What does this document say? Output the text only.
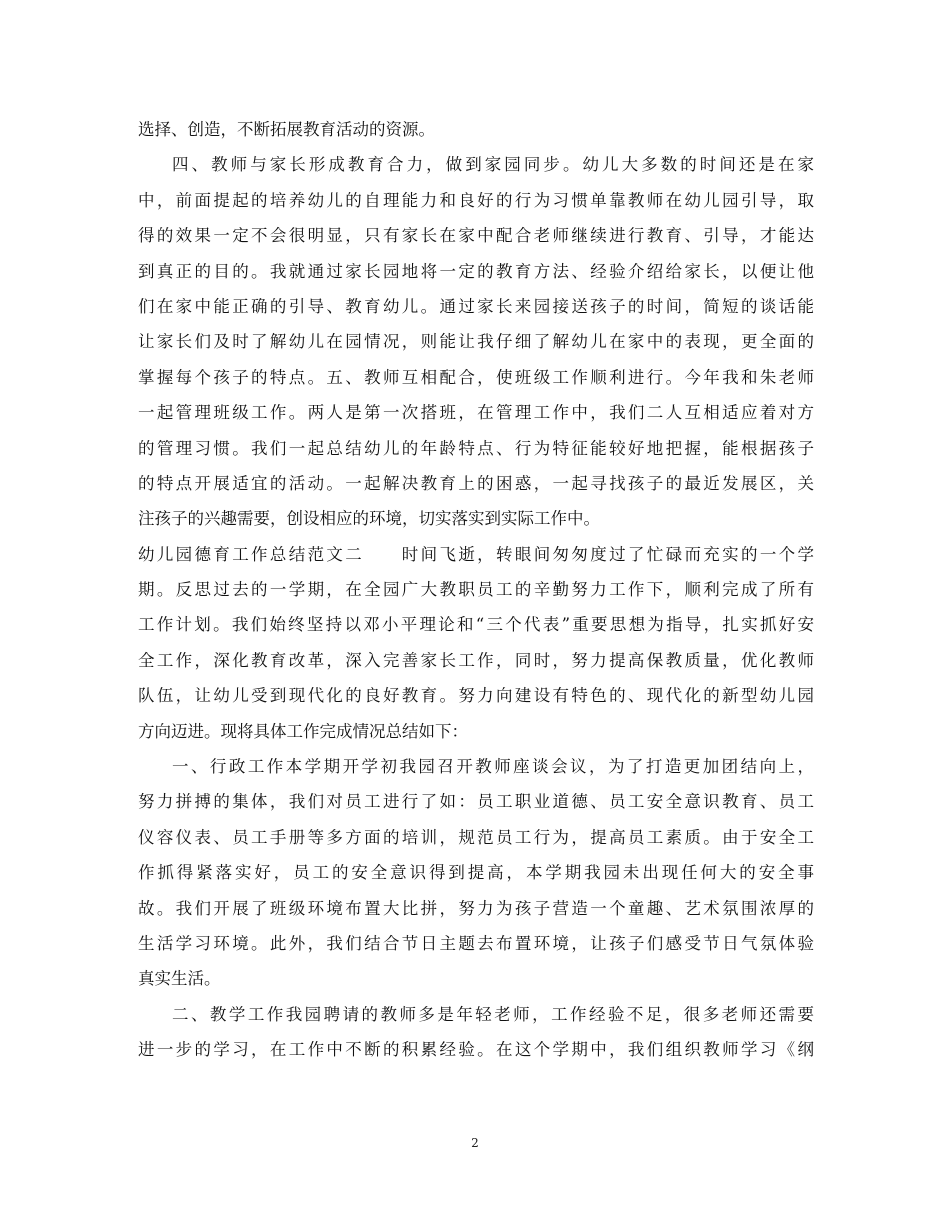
选择、创造，不断拓展教育活动的资源。
四、教师与家长形成教育合力，做到家园同步。幼儿大多数的时间还是在家
中，前面提起的培养幼儿的自理能力和良好的行为习惯单靠教师在幼儿园引导，取
得的效果一定不会很明显，只有家长在家中配合老师继续进行教育、引导，才能达
到真正的目的。我就通过家长园地将一定的教育方法、经验介绍给家长，以便让他
们在家中能正确的引导、教育幼儿。通过家长来园接送孩子的时间，简短的谈话能
让家长们及时了解幼儿在园情况，则能让我仔细了解幼儿在家中的表现，更全面的
掌握每个孩子的特点。五、教师互相配合，使班级工作顺利进行。今年我和朱老师
一起管理班级工作。两人是第一次搭班，在管理工作中，我们二人互相适应着对方
的管理习惯。我们一起总结幼儿的年龄特点、行为特征能较好地把握，能根据孩子
的特点开展适宜的活动。一起解决教育上的困惑，一起寻找孩子的最近发展区，关
注孩子的兴趣需要，创设相应的环境，切实落实到实际工作中。
幼儿园德育工作总结范文二　　时间飞逝，转眼间匆匆度过了忙碌而充实的一个学
期。反思过去的一学期，在全园广大教职员工的辛勤努力工作下，顺利完成了所有
工作计划。我们始终坚持以邓小平理论和“三个代表”重要思想为指导，扎实抓好安
全工作，深化教育改革，深入完善家长工作，同时，努力提高保教质量，优化教师
队伍，让幼儿受到现代化的良好教育。努力向建设有特色的、现代化的新型幼儿园
方向迈进。现将具体工作完成情况总结如下：
一、行政工作本学期开学初我园召开教师座谈会议，为了打造更加团结向上，
努力拼搏的集体，我们对员工进行了如：员工职业道德、员工安全意识教育、员工
仪容仪表、员工手册等多方面的培训，规范员工行为，提高员工素质。由于安全工
作抓得紧落实好，员工的安全意识得到提高，本学期我园未出现任何大的安全事
故。我们开展了班级环境布置大比拼，努力为孩子营造一个童趣、艺术氛围浓厚的
生活学习环境。此外，我们结合节日主题去布置环境，让孩子们感受节日气氛体验
真实生活。
二、教学工作我园聘请的教师多是年轻老师，工作经验不足，很多老师还需要
进一步的学习，在工作中不断的积累经验。在这个学期中，我们组织教师学习《纲
2
